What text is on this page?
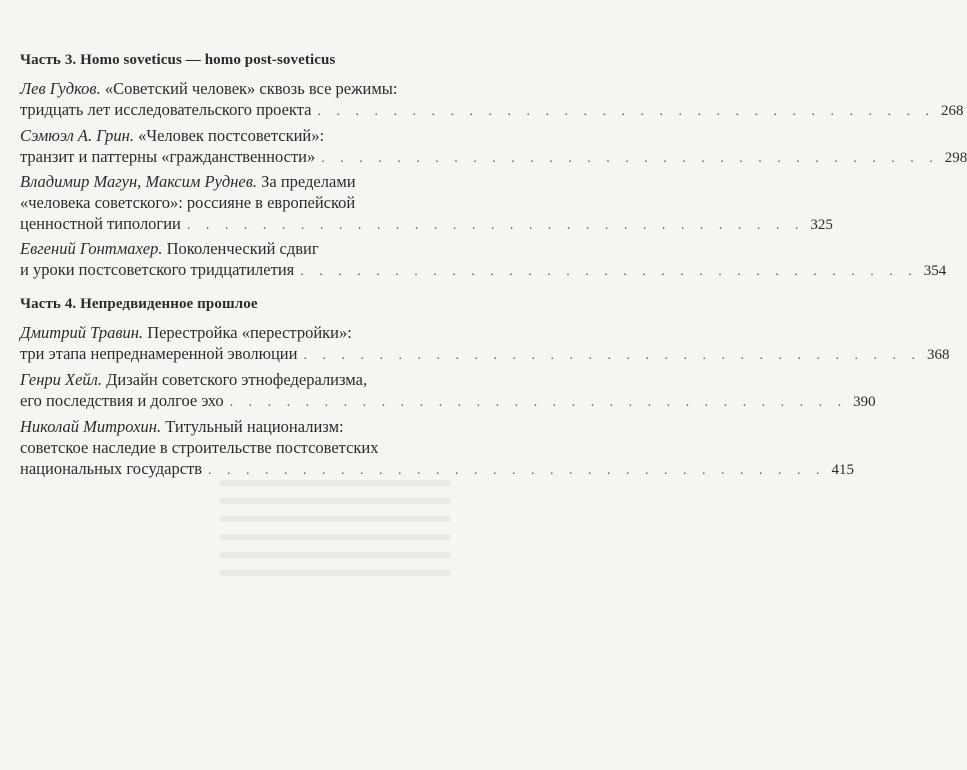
Часть 3. Homo soveticus — homo post-soveticus
Лев Гудков. «Советский человек» сквозь все режимы:
тридцать лет исследовательского проекта . . . . . . . . . . . . . . . . . . . . . . . . . . . . . . . . . 268
Сэмюэл А. Грин. «Человек постсоветский»:
транзит и паттерны «гражданственности» . . . . . . . . . . . . . . . . . . . . . . . . . . . . . . . . . 298
Владимир Магун, Максим Руднев. За пределами
«человека советского»: россияне в европейской
ценностной типологии . . . . . . . . . . . . . . . . . . . . . . . . . . . . . . . . . 325
Евгений Гонтмахер. Поколенческий сдвиг
и уроки постсоветского тридцатилетия . . . . . . . . . . . . . . . . . . . . . . . . . . . . . . . . . 354
Часть 4. Непредвиденное прошлое
Дмитрий Травин. Перестройка «перестройки»:
три этапа непреднамеренной эволюции . . . . . . . . . . . . . . . . . . . . . . . . . . . . . . . . . 368
Генри Хейл. Дизайн советского этнофедерализма,
его последствия и долгое эхо . . . . . . . . . . . . . . . . . . . . . . . . . . . . . . . . . 390
Николай Митрохин. Титульный национализм:
советское наследие в строительстве постсоветских
национальных государств . . . . . . . . . . . . . . . . . . . . . . . . . . . . . . . . . 415
